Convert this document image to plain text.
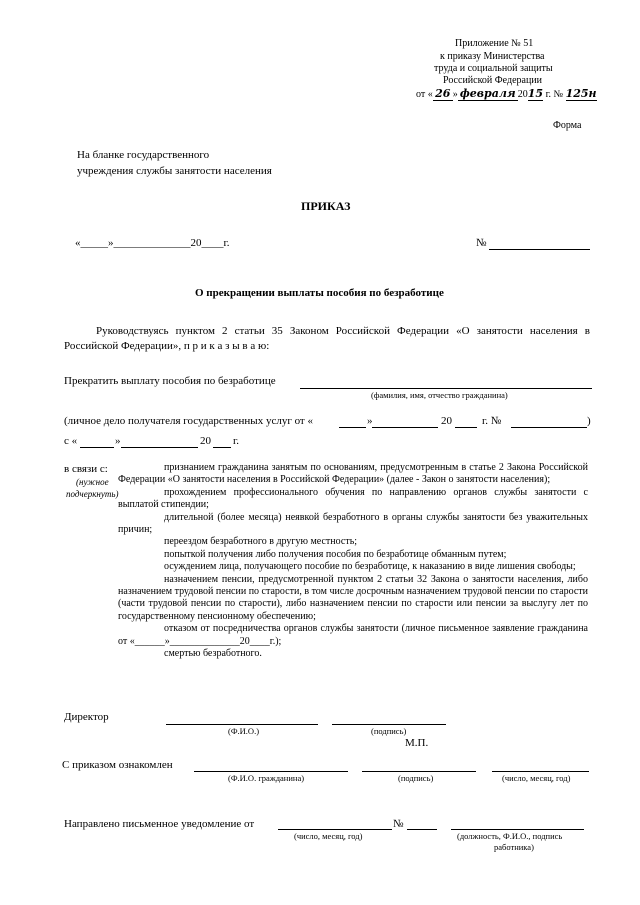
Приложение № 51
к приказу Министерства
труда и социальной защиты
Российской Федерации
от « 26 » февраля 2015 г. № 125н
Форма
На бланке государственного
учреждения службы занятости населения
ПРИКАЗ
«_____»______________20____г.	№
О прекращении выплаты пособия по безработице
Руководствуясь пунктом 2 статьи 35 Законом Российской Федерации «О занятости населения в Российской Федерации», п р и к а з ы в а ю:
Прекратить выплату пособия по безработице
(фамилия, имя, отчество гражданина)
(личное дело получателя государственных услуг от «	»	20	г. №	)
с «	»	20 г.
в связи с:
(нужное
подчеркнуть)

признанием гражданина занятым по основаниям, предусмотренным в статье 2 Закона Российской Федерации «О занятости населения в Российской Федерации» (далее - Закон о занятости населения);

прохождением профессионального обучения по направлению органов службы занятости с выплатой стипендии;

длительной (более месяца) неявкой безработного в органы службы занятости без уважительных причин;

переездом безработного в другую местность;

попыткой получения либо получения пособия по безработице обманным путем;

осуждением лица, получающего пособие по безработице, к наказанию в виде лишения свободы;

назначением пенсии, предусмотренной пунктом 2 статьи 32 Закона о занятости населения, либо назначением трудовой пенсии по старости, в том числе досрочным назначением трудовой пенсии по старости (части трудовой пенсии по старости), либо назначением пенсии по старости или пенсии за выслугу лет по государственному пенсионному обеспечению;

отказом от посредничества органов службы занятости (личное письменное заявление гражданина от «______»______________20____г.);

смертью безработного.

Директор
(Ф.И.О.)	(подпись)
М.П.
С приказом ознакомлен
(Ф.И.О. гражданина)	(подпись)	(число, месяц, год)
Направлено письменное уведомление от
(число, месяц, год)
№
(должность, Ф.И.О., подпись
работника)
